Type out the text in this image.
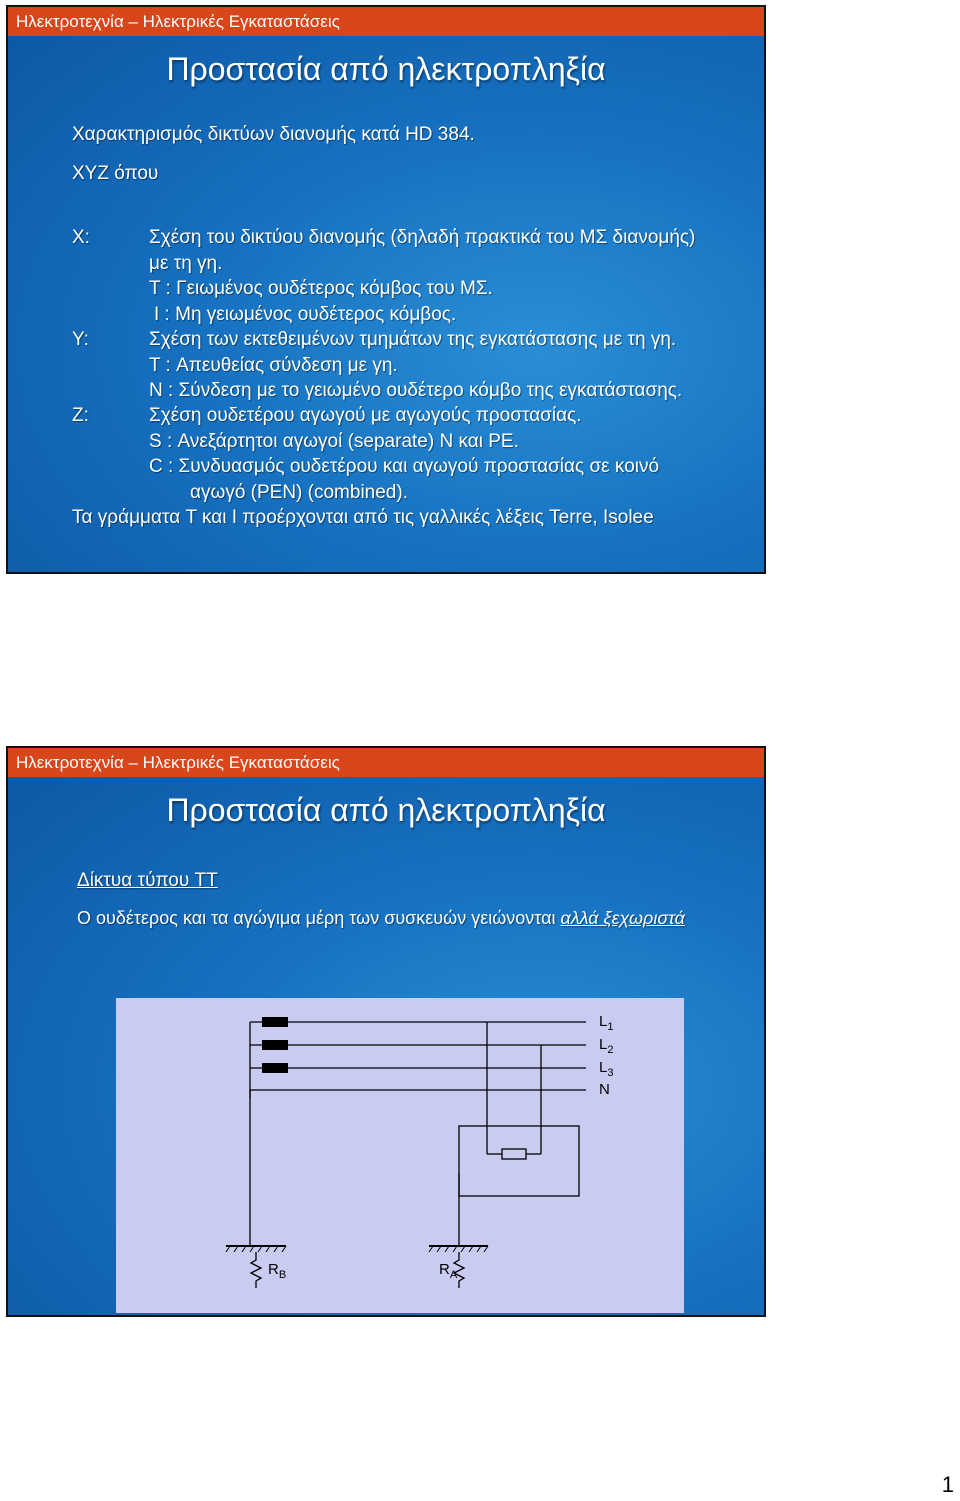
Ηλεκτροτεχνία – Ηλεκτρικές Εγκαταστάσεις
Προστασία από ηλεκτροπληξία
Χαρακτηρισμός δικτύων διανομής κατά HD 384.
XYZ όπου
X:	Σχέση του δικτύου διανομής (δηλαδή πρακτικά του ΜΣ διανομής)
με τη γη.
T : Γειωμένος ουδέτερος κόμβος του ΜΣ.
I : Μη γειωμένος ουδέτερος κόμβος.
Y:	Σχέση των εκτεθειμένων τμημάτων της εγκατάστασης με τη γη.
T : Απευθείας σύνδεση με γη.
N : Σύνδεση με το γειωμένο ουδέτερο κόμβο της εγκατάστασης.
Z:	Σχέση ουδετέρου αγωγού με αγωγούς προστασίας.
S : Ανεξάρτητοι αγωγοί (separate) N και PE.
C : Συνδυασμός ουδετέρου και αγωγού προστασίας σε κοινό
αγωγό (PEN) (combined).
Τα γράμματα T και I προέρχονται από τις γαλλικές λέξεις Terre, Isolee
Ηλεκτροτεχνία – Ηλεκτρικές Εγκαταστάσεις
Προστασία από ηλεκτροπληξία
Δίκτυα τύπου TT
Ο ουδέτερος και τα αγώγιμα μέρη των συσκευών γειώνονται αλλά ξεχωριστά
$L_1$
$L_2$
$L_3$
N
$R_B$	$R_A$
1
